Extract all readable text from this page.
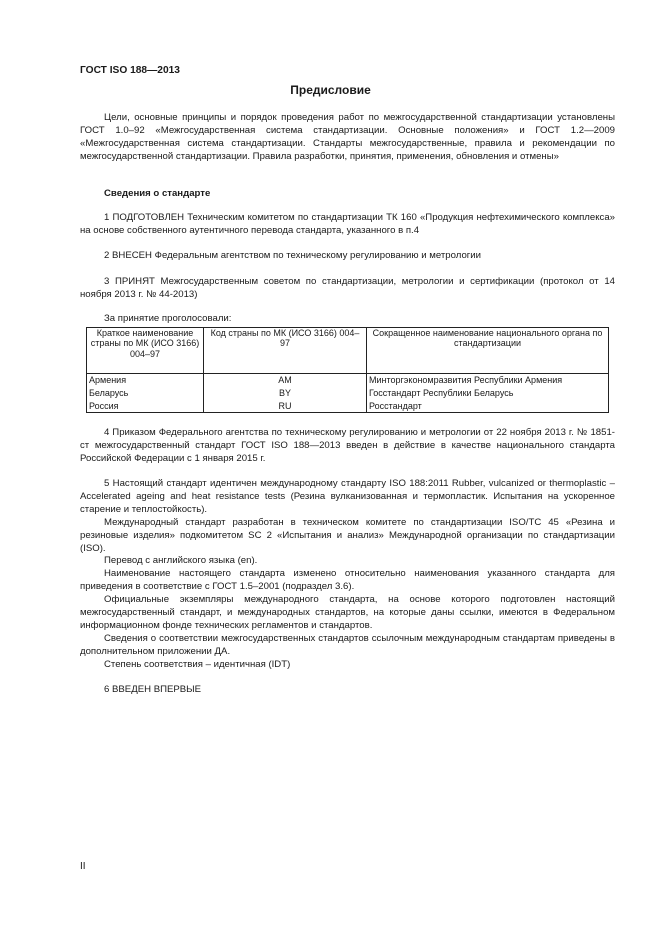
ГОСТ ISO 188—2013
Предисловие

Цели, основные принципы и порядок проведения работ по межгосударственной стандартизации установлены ГОСТ 1.0–92 «Межгосударственная система стандартизации. Основные положения» и ГОСТ 1.2—2009 «Межгосударственная система стандартизации. Стандарты межгосударственные, правила и рекомендации по межгосударственной стандартизации. Правила разработки, принятия, применения, обновления и отмены»

Сведения о стандарте

1 ПОДГОТОВЛЕН Техническим комитетом по стандартизации ТК 160 «Продукция нефтехимического комплекса» на основе собственного аутентичного перевода стандарта, указанного в п.4

2 ВНЕСЕН Федеральным агентством по техническому регулированию и метрологии

3 ПРИНЯТ Межгосударственным советом по стандартизации, метрологии и сертификации (протокол от 14 ноября 2013 г. № 44-2013)

За принятие проголосовали:
Краткое наименование страны по МК (ИСО 3166) 004–97	Код страны по МК (ИСО 3166) 004–97	Сокращенное наименование национального органа по стандартизации
Армения	AM	Минторгэкономразвития Республики Армения
Беларусь	BY	Госстандарт Республики Беларусь
Россия	RU	Росстандарт

4 Приказом Федерального агентства по техническому регулированию и метрологии от 22 ноября 2013 г. № 1851-ст межгосударственный стандарт ГОСТ ISO 188—2013 введен в действие в качестве национального стандарта Российской Федерации с 1 января 2015 г.

5 Настоящий стандарт идентичен международному стандарту ISO 188:2011 Rubber, vulcanized or thermoplastic – Accelerated ageing and heat resistance tests (Резина вулканизованная и термопластик. Испытания на ускоренное старение и теплостойкость).

Международный стандарт разработан в техническом комитете по стандартизации ISO/TC 45 «Резина и резиновые изделия» подкомитетом SC 2 «Испытания и анализ» Международной организации по стандартизации (ISO).

Перевод с английского языка (en).

Наименование настоящего стандарта изменено относительно наименования указанного стандарта для приведения в соответствие с ГОСТ 1.5–2001 (подраздел 3.6).

Официальные экземпляры международного стандарта, на основе которого подготовлен настоящий межгосударственный стандарт, и международных стандартов, на которые даны ссылки, имеются в Федеральном информационном фонде технических регламентов и стандартов.

Сведения о соответствии межгосударственных стандартов ссылочным международным стандартам приведены в дополнительном приложении ДА.

Степень соответствия – идентичная (IDT)

6 ВВЕДЕН ВПЕРВЫЕ
II
